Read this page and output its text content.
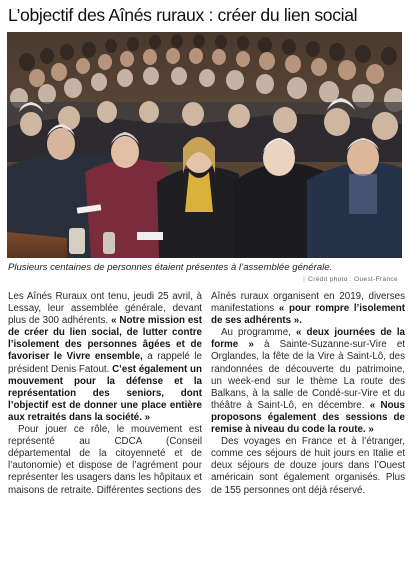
L’objectif des Aînés ruraux : créer du lien social
Plusieurs centaines de personnes étaient présentes à l’assemblée générale.
| Crédit photo : Ouest-France

Les Aînés Ruraux ont tenu, jeudi 25 avril, à Lessay, leur assemblée générale, devant plus de 300 adhérents. « Notre mission est de créer du lien social, de lutter contre l’isolement des personnes âgées et de favoriser le Vivre ensemble, a rappelé le président Denis Fatout. C’est également un mouvement pour la défense et la représentation des seniors, dont l’objectif est de donner une place entière aux retraités dans la société. »

Pour jouer ce rôle, le mouvement est représenté au CDCA (Conseil départemental de la citoyenneté et de l’autonomie) et dispose de l’agrément pour représenter les usagers dans les hôpitaux et maisons de retraite. Différentes sections des

Aînés ruraux organisent en 2019, diverses manifestations « pour rompre l’isolement de ses adhérents ».

Au programme, « deux journées de la forme » à Sainte-Suzanne-sur-Vire et Orglandes, la fête de la Vire à Saint-Lô, des randonnées de découverte du patrimoine, un week-end sur le thème La route des Balkans, à la salle de Condé-sur-Vire et du théâtre à Saint-Lô, en décembre. « Nous proposons également des sessions de remise à niveau du code la route. »

Des voyages en France et à l’étranger, comme ces séjours de huit jours en Italie et deux séjours de douze jours dans l’Ouest américain sont également organisés. Plus de 155 personnes ont déjà réservé.
